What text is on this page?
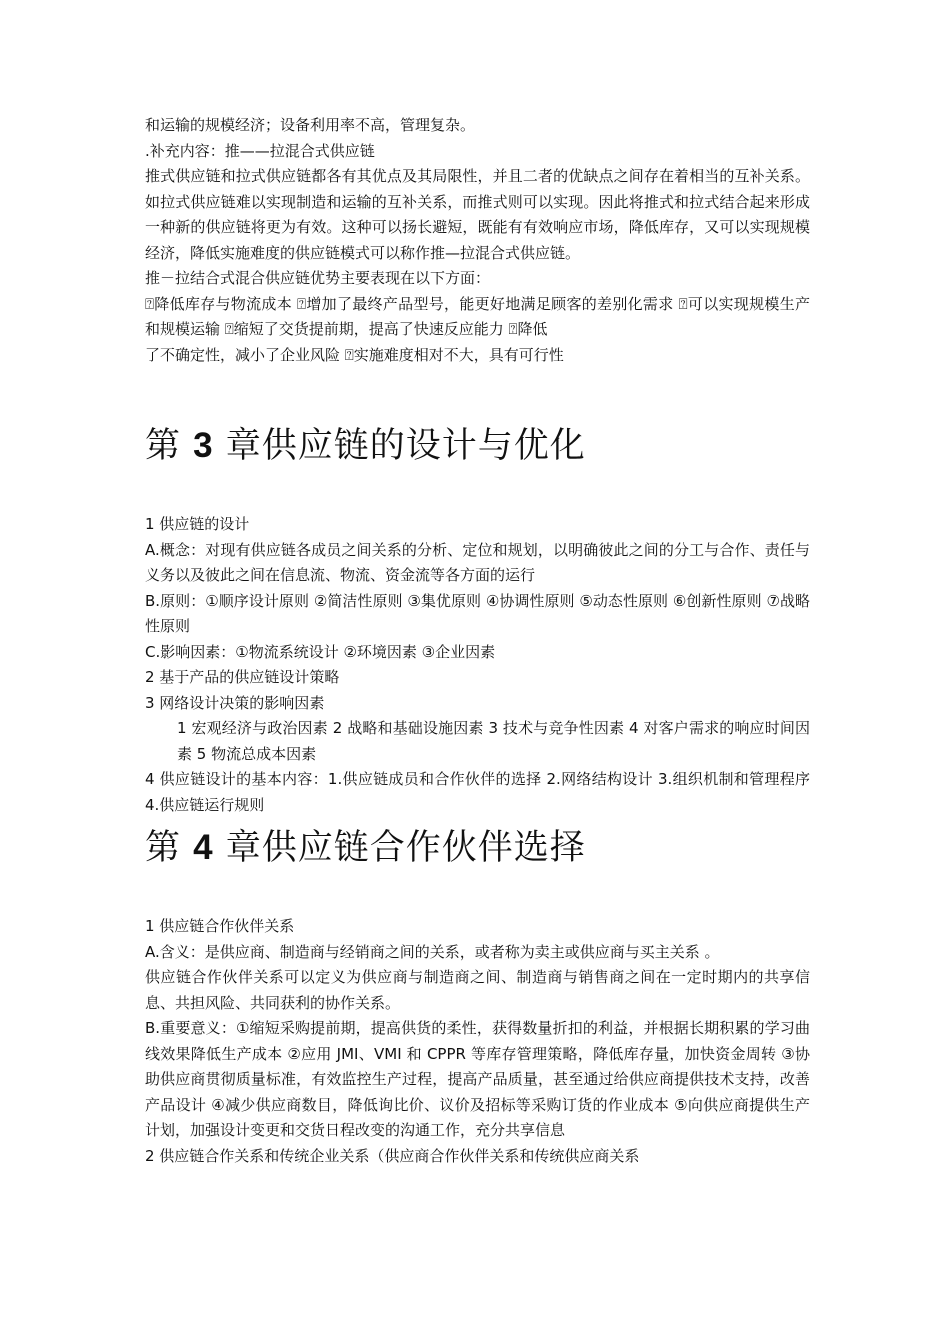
和运输的规模经济；设备利用率不高，管理复杂。

.补充内容：推——拉混合式供应链

推式供应链和拉式供应链都各有其优点及其局限性，并且二者的优缺点之间存在着相当的互补关系。如拉式供应链难以实现制造和运输的互补关系，而推式则可以实现。因此将推式和拉式结合起来形成一种新的供应链将更为有效。这种可以扬长避短，既能有有效响应市场，降低库存，又可以实现规模经济，降低实施难度的供应链模式可以称作推—拉混合式供应链。

推－拉结合式混合供应链优势主要表现在以下方面：

⍰降低库存与物流成本 ⍰增加了最终产品型号，能更好地满足顾客的差别化需求 ⍰可以实现规模生产和规模运输 ⍰缩短了交货提前期，提高了快速反应能力 ⍰降低

了不确定性，减小了企业风险 ⍰实施难度相对不大，具有可行性

第 3 章供应链的设计与优化

1 供应链的设计

A.概念：对现有供应链各成员之间关系的分析、定位和规划，以明确彼此之间的分工与合作、责任与义务以及彼此之间在信息流、物流、资金流等各方面的运行

B.原则：①顺序设计原则 ②简洁性原则 ③集优原则 ④协调性原则 ⑤动态性原则 ⑥创新性原则 ⑦战略性原则

C.影响因素：①物流系统设计 ②环境因素 ③企业因素

2 基于产品的供应链设计策略

3 网络设计决策的影响因素

1 宏观经济与政治因素 2 战略和基础设施因素 3 技术与竞争性因素 4 对客户需求的响应时间因素 5 物流总成本因素

4 供应链设计的基本内容：1.供应链成员和合作伙伴的选择 2.网络结构设计 3.组织机制和管理程序 4.供应链运行规则

第 4 章供应链合作伙伴选择

1 供应链合作伙伴关系

A.含义：是供应商、制造商与经销商之间的关系，或者称为卖主或供应商与买主关系 。

供应链合作伙伴关系可以定义为供应商与制造商之间、制造商与销售商之间在一定时期内的共享信息、共担风险、共同获利的协作关系。

B.重要意义：①缩短采购提前期，提高供货的柔性，获得数量折扣的利益，并根据长期积累的学习曲线效果降低生产成本 ②应用 JMI、VMI 和 CPPR 等库存管理策略，降低库存量，加快资金周转 ③协助供应商贯彻质量标准，有效监控生产过程，提高产品质量，甚至通过给供应商提供技术支持，改善产品设计 ④减少供应商数目，降低询比价、议价及招标等采购订货的作业成本 ⑤向供应商提供生产计划，加强设计变更和交货日程改变的沟通工作，充分共享信息

2 供应链合作关系和传统企业关系（供应商合作伙伴关系和传统供应商关系
